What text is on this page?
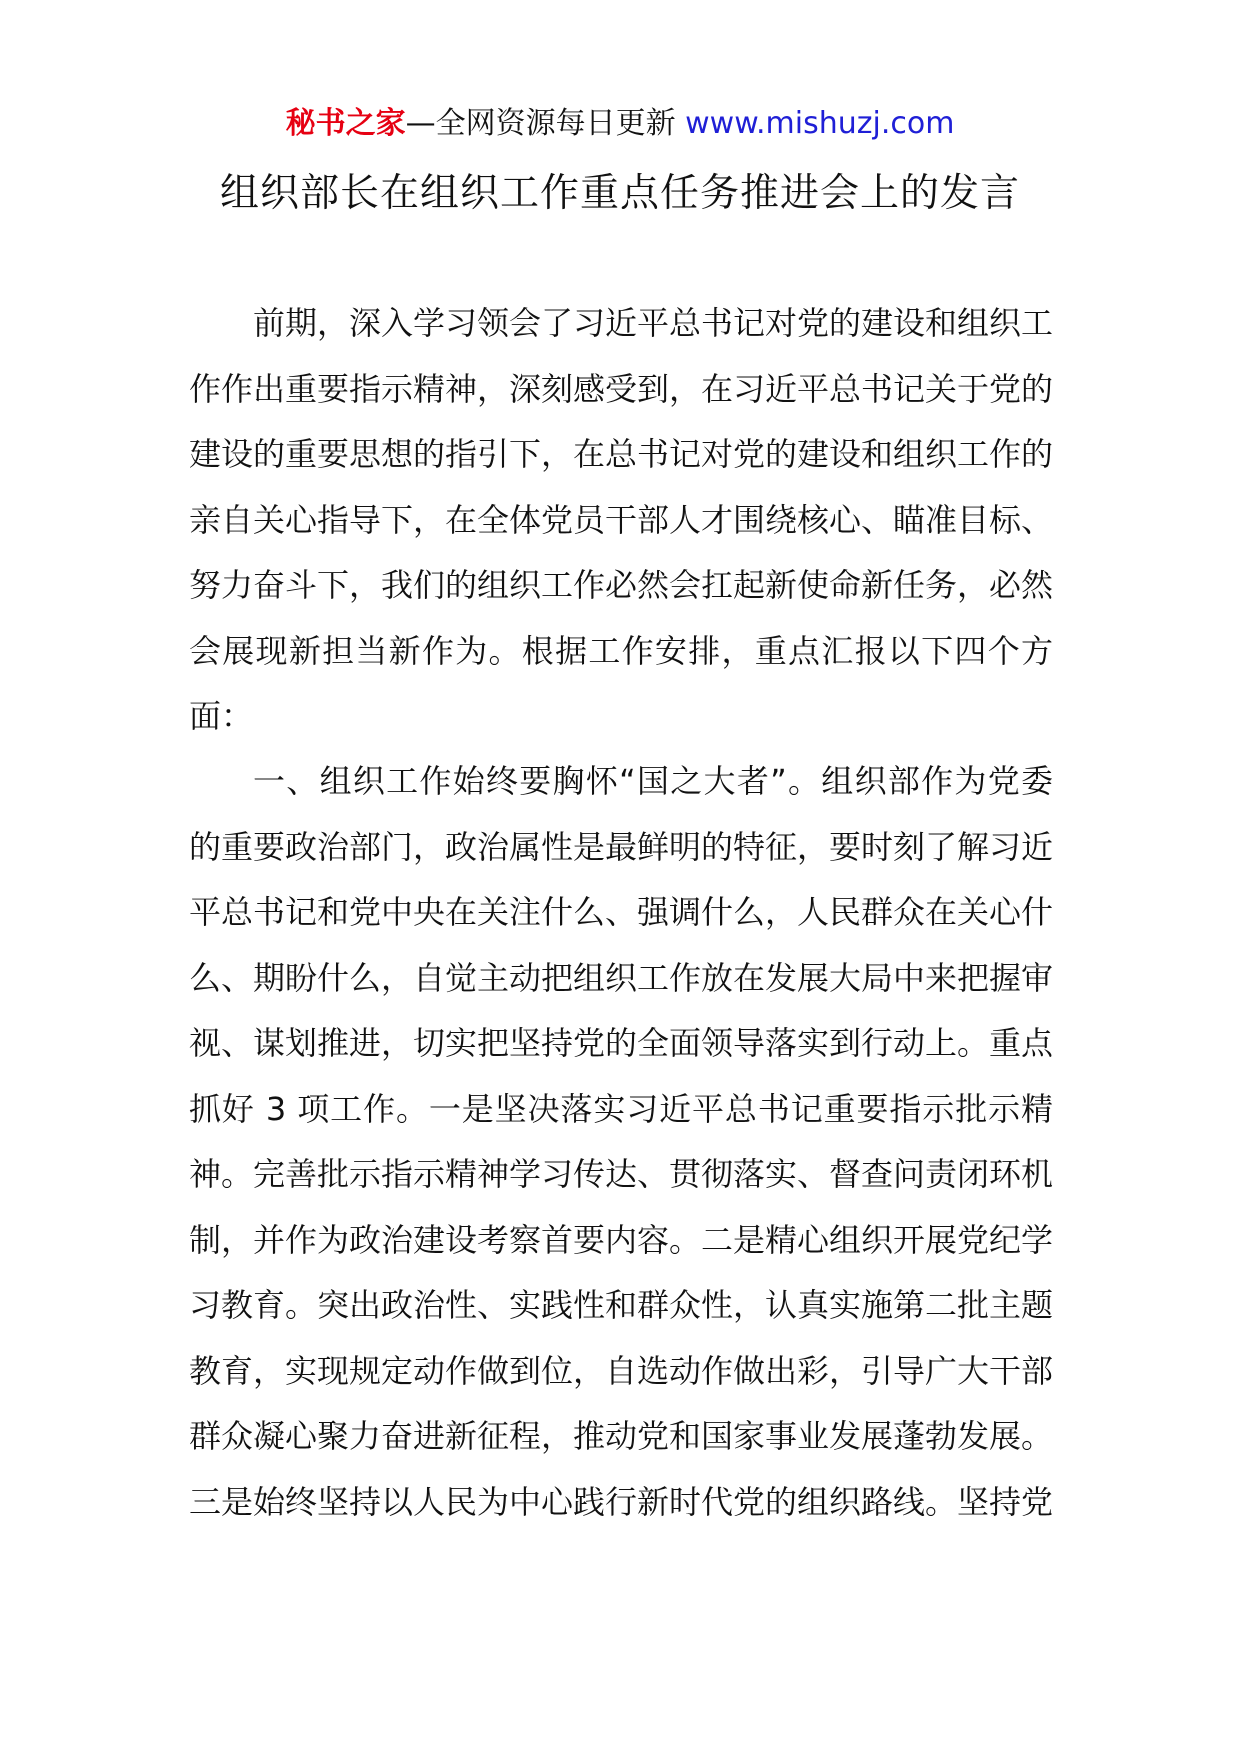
秘书之家—全网资源每日更新 www.mishuzj.com
组织部长在组织工作重点任务推进会上的发言

前期，深入学习领会了习近平总书记对党的建设和组织工作作出重要指示精神，深刻感受到，在习近平总书记关于党的建设的重要思想的指引下，在总书记对党的建设和组织工作的亲自关心指导下，在全体党员干部人才围绕核心、瞄准目标、努力奋斗下，我们的组织工作必然会扛起新使命新任务，必然会展现新担当新作为。根据工作安排，重点汇报以下四个方面：

一、组织工作始终要胸怀“国之大者”。组织部作为党委的重要政治部门，政治属性是最鲜明的特征，要时刻了解习近平总书记和党中央在关注什么、强调什么，人民群众在关心什么、期盼什么，自觉主动把组织工作放在发展大局中来把握审视、谋划推进，切实把坚持党的全面领导落实到行动上。重点抓好 3 项工作。一是坚决落实习近平总书记重要指示批示精神。完善批示指示精神学习传达、贯彻落实、督查问责闭环机制，并作为政治建设考察首要内容。二是精心组织开展党纪学习教育。突出政治性、实践性和群众性，认真实施第二批主题教育，实现规定动作做到位，自选动作做出彩，引导广大干部群众凝心聚力奋进新征程，推动党和国家事业发展蓬勃发展。三是始终坚持以人民为中心践行新时代党的组织路线。坚持党
